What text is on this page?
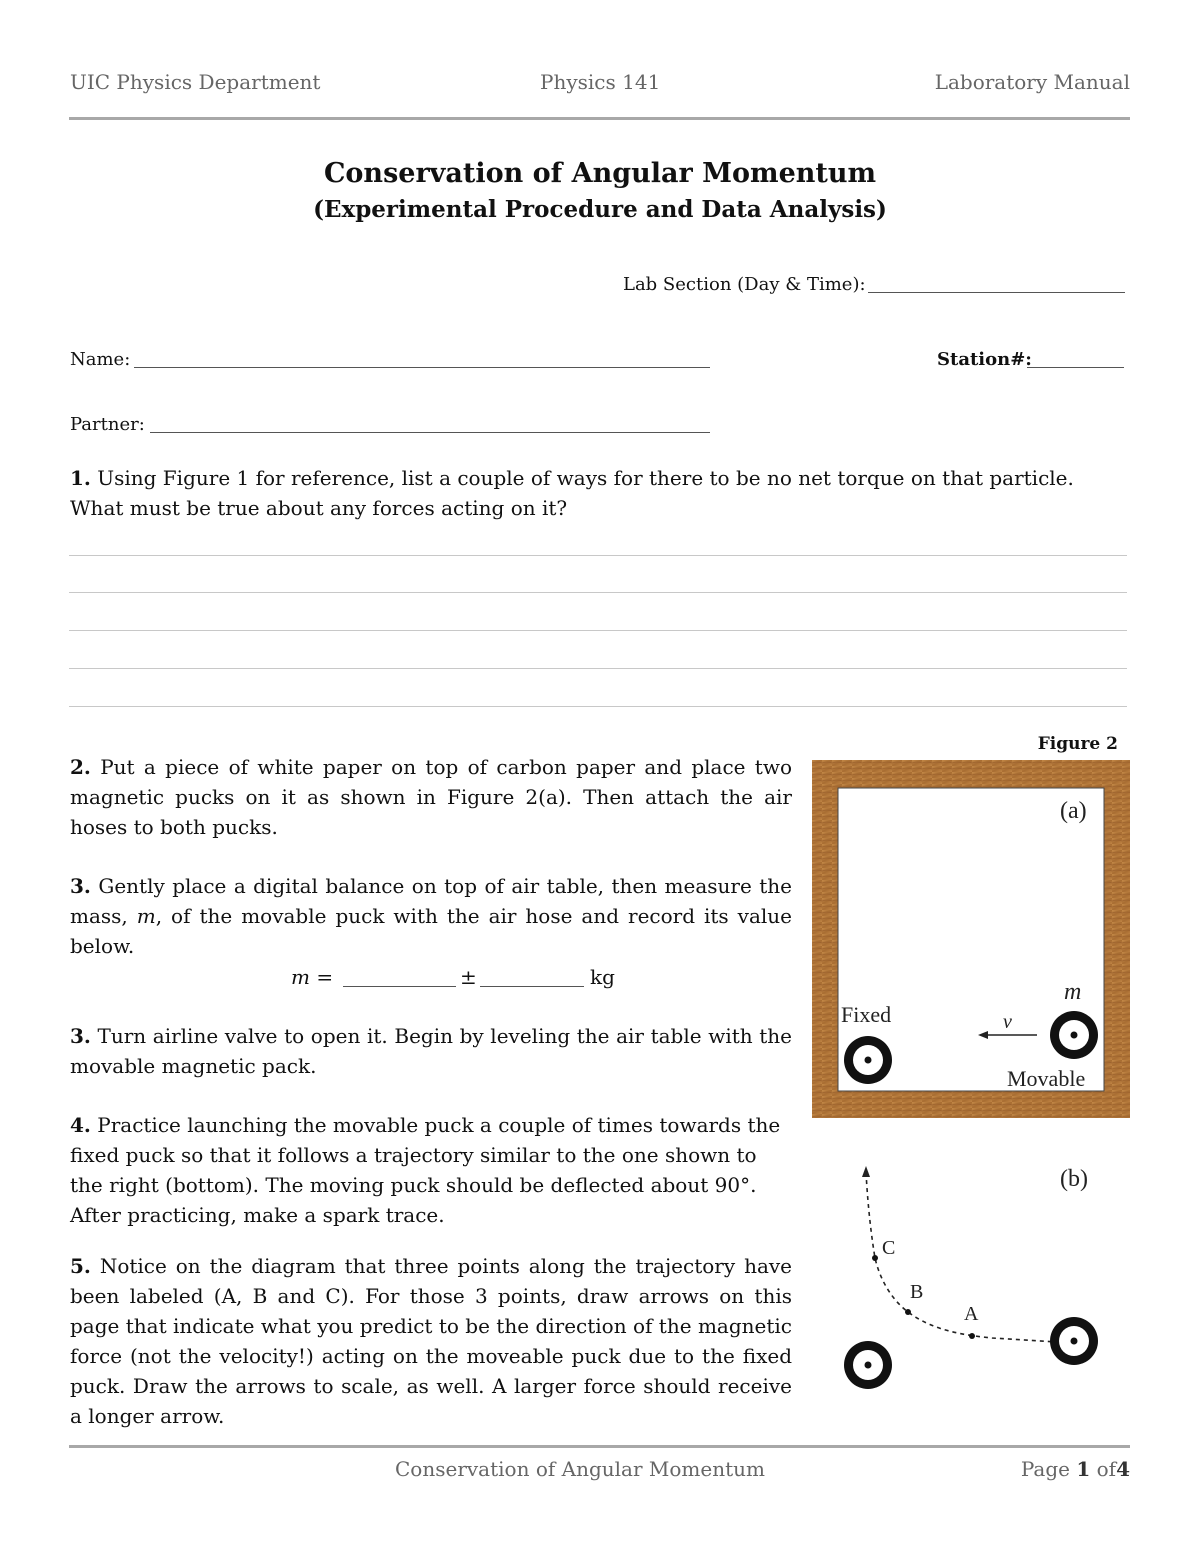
UIC Physics Department	Physics 141	Laboratory Manual
Conservation of Angular Momentum
(Experimental Procedure and Data Analysis)
Lab Section (Day & Time):
Name:	Station#:
Partner:
1. Using Figure 1 for reference, list a couple of ways for there to be no net torque on that particle. What must be true about any forces acting on it?
2. Put a piece of white paper on top of carbon paper and place two magnetic pucks on it as shown in Figure 2(a). Then attach the air hoses to both pucks.
3. Gently place a digital balance on top of air table, then measure the mass, m, of the movable puck with the air hose and record its value below.
m =	±	kg
3. Turn airline valve to open it. Begin by leveling the air table with the movable magnetic pack.
4. Practice launching the movable puck a couple of times towards the fixed puck so that it follows a trajectory similar to the one shown to the right (bottom). The moving puck should be deflected about 90°. After practicing, make a spark trace.
5. Notice on the diagram that three points along the trajectory have been labeled (A, B and C). For those 3 points, draw arrows on this page that indicate what you predict to be the direction of the magnetic force (not the velocity!) acting on the moveable puck due to the fixed puck. Draw the arrows to scale, as well. A larger force should receive a longer arrow.
Figure 2
(a)
m
Fixed	v⃗
Movable
(b)
C
B
A
Conservation of Angular Momentum	Page 1 of4
